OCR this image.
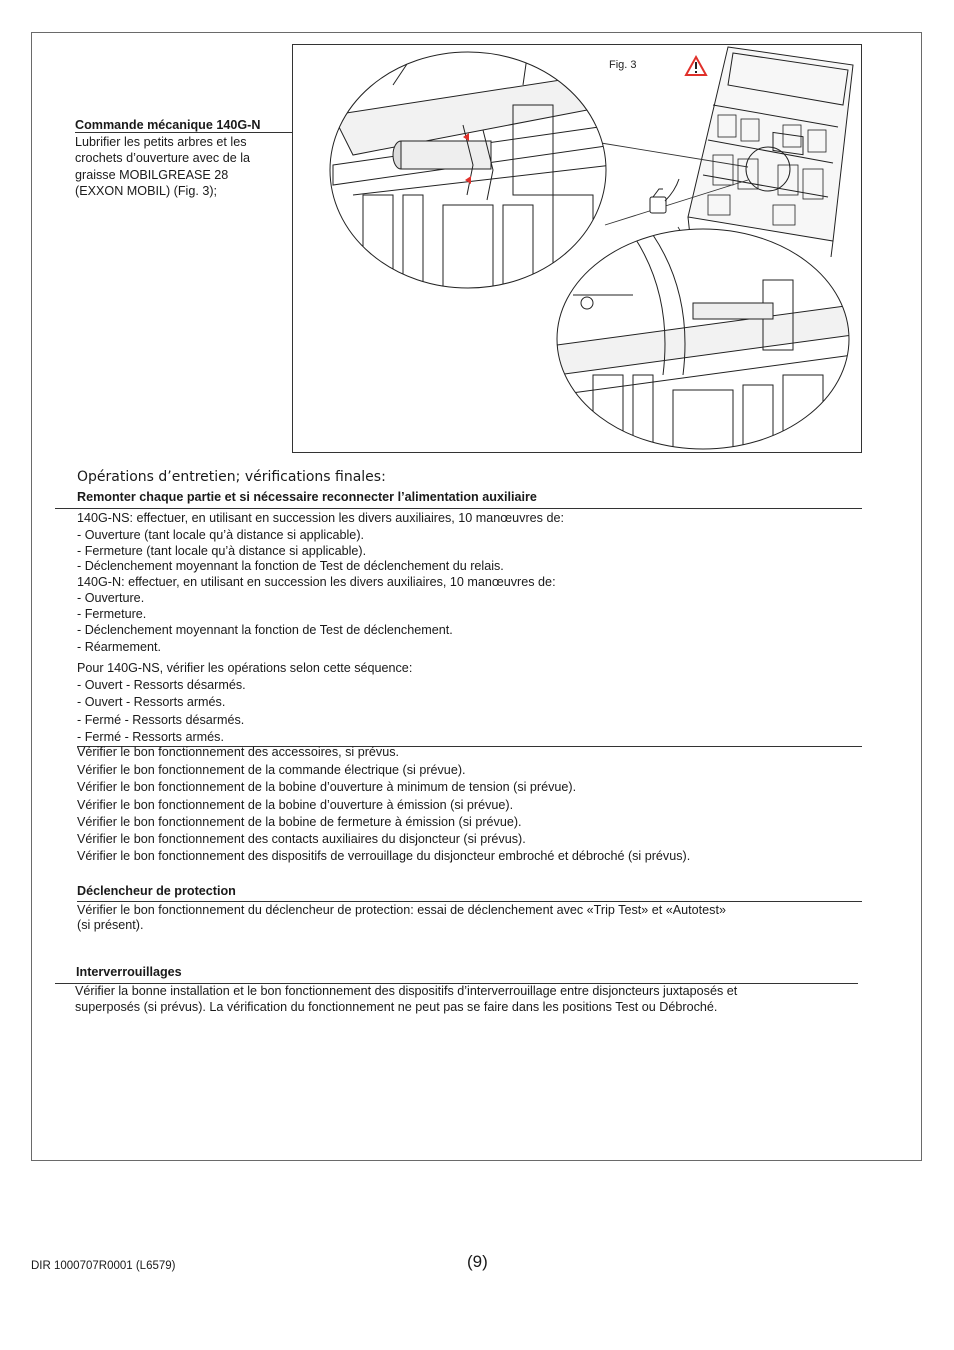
Commande mécanique 140G-N
Lubrifier les petits arbres et les
crochets d’ouverture avec de la
graisse MOBILGREASE 28
(EXXON MOBIL) (Fig. 3);
Fig. 3
Opérations d’entretien; vérifications finales:
Remonter chaque partie et si nécessaire reconnecter l’alimentation auxiliaire
140G-NS: effectuer, en utilisant en succession les divers auxiliaires, 10 manœuvres de:
- Ouverture (tant locale qu’à distance si applicable).
- Fermeture (tant locale qu’à distance si applicable).
- Déclenchement moyennant la fonction de Test de déclenchement du relais.
140G-N: effectuer, en utilisant en succession les divers auxiliaires, 10 manœuvres de:
- Ouverture.
- Fermeture.
- Déclenchement moyennant la fonction de Test de déclenchement.
- Réarmement.
Pour 140G-NS, vérifier les opérations selon cette séquence:
- Ouvert - Ressorts désarmés.
- Ouvert - Ressorts armés.
- Fermé - Ressorts désarmés.
- Fermé - Ressorts armés.
Vérifier le bon fonctionnement des accessoires, si prévus.
Vérifier le bon fonctionnement de la commande électrique (si prévue).
Vérifier le bon fonctionnement de la bobine d’ouverture à minimum de tension (si prévue).
Vérifier le bon fonctionnement de la bobine d’ouverture à émission (si prévue).
Vérifier le bon fonctionnement de la bobine de fermeture à émission (si prévue).
Vérifier le bon fonctionnement des contacts auxiliaires du disjoncteur (si prévus).
Vérifier le bon fonctionnement des dispositifs de verrouillage du disjoncteur embroché et débroché (si prévus).
Déclencheur de protection
Vérifier le bon fonctionnement du déclencheur de protection: essai de déclenchement avec «Trip Test» et «Autotest»
(si présent).
Interverrouillages
Vérifier la bonne installation et le bon fonctionnement des dispositifs d’interverrouillage entre disjoncteurs juxtaposés et
superposés (si prévus). La vérification du fonctionnement ne peut pas se faire dans les positions Test ou Débroché.
DIR 1000707R0001 (L6579)	(9)
